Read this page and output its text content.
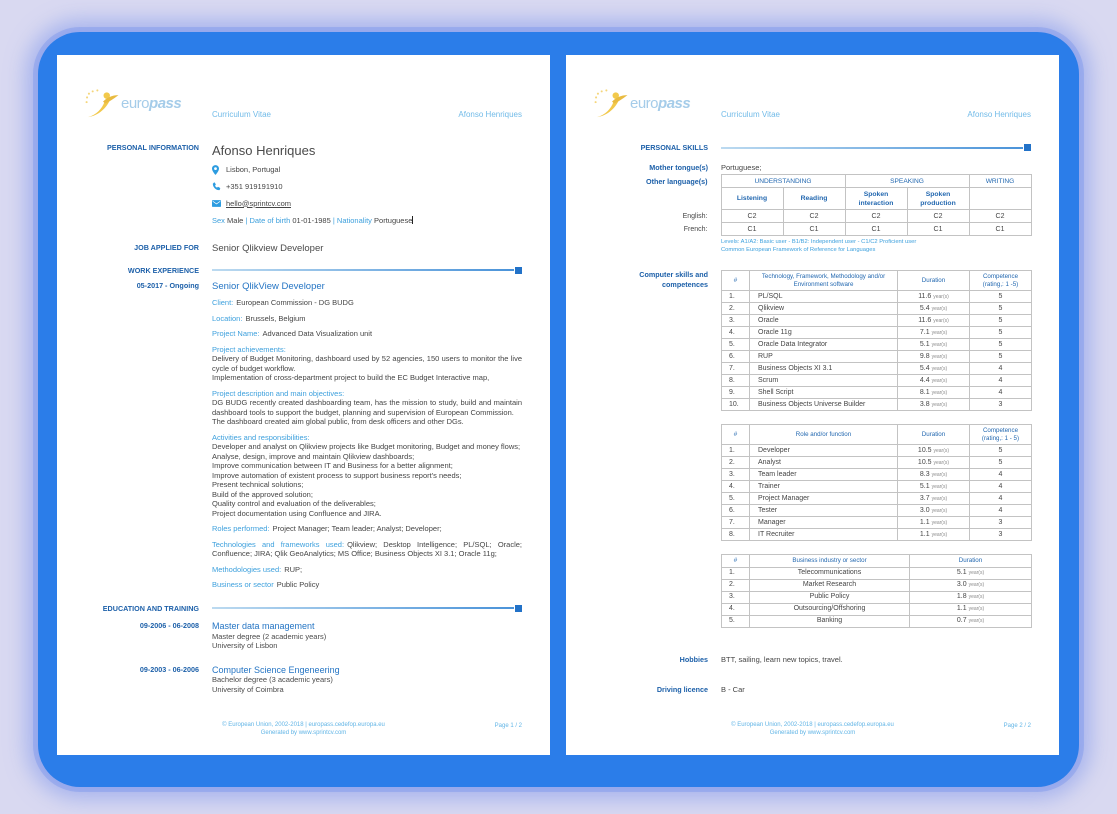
europass
Curriculum Vitae	Afonso Henriques
PERSONAL INFORMATION Afonso Henriques
Lisbon, Portugal
+351 919191910
hello@sprintcv.com
Sex Male | Date of birth 01-01-1985 | Nationality Portuguese
JOB APPLIED FOR Senior Qlikview Developer
WORK EXPERIENCE
05-2017 - Ongoing Senior QlikView Developer
Client: European Commission - DG BUDG
Location: Brussels, Belgium
Project Name: Advanced Data Visualization unit
Project achievements:
Delivery of Budget Monitoring, dashboard used by 52 agencies, 150 users to monitor the live cycle of budget workflow.
Implementation of cross-department project to build the EC Budget Interactive map,
Project description and main objectives:
DG BUDG recently created dashboarding team, has the mission to study, build and maintain dashboard tools to support the budget, planning and supervision of European Commission.
The dashboard created aim global public, from desk officers and other DGs.
Activities and responsibilities:
Developer and analyst on Qlikview projects like Budget monitoring, Budget and money flows;
Analyse, design, improve and maintain Qlikview dashboards;
Improve communication between IT and Business for a better alignment;
Improve automation of existent process to support business report's needs;
Present technical solutions;
Build of the approved solution;
Quality control and evaluation of the deliverables;
Project documentation using Confluence and JIRA.
Roles performed: Project Manager; Team leader; Analyst; Developer;
Technologies and frameworks used: Qlikview; Desktop Intelligence; PL/SQL; Oracle; Confluence; JIRA; Qlik GeoAnalytics; MS Office; Business Objects XI 3.1; Oracle 11g;
Methodologies used: RUP;
Business or sector Public Policy
EDUCATION AND TRAINING
09-2006 - 06-2008 Master data management
Master degree (2 academic years)
University of Lisbon
09-2003 - 06-2006 Computer Science Engeneering
Bachelor degree (3 academic years)
University of Coimbra
© European Union, 2002-2018 | europass.cedefop.europa.eu
Generated by www.sprintcv.com
Page 1 / 2
europass
Curriculum Vitae	Afonso Henriques
PERSONAL SKILLS
Mother tongue(s) Portuguese;
Other language(s)	UNDERSTANDING		SPEAKING		WRITING
	Listening	Reading	Spoken interaction	Spoken production	
English:	C2	C2	C2	C2	C2
French:	C1	C1	C1	C1	C1
Levels: A1/A2: Basic user - B1/B2: Independent user - C1/C2 Proficient user
Common European Framework of Reference for Languages
Computer skills and
competences	#	Technology, Framework, Methodology and/or Environment software	Duration	Competence
(rating,: 1 -5)

1.	PL/SQL	11.6 year(s)	5
2.	Qlikview	5.4 year(s)	5
3.	Oracle	11.6 year(s)	5
4.	Oracle 11g	7.1 year(s)	5
5.	Oracle Data Integrator	5.1 year(s)	5
6.	RUP	9.8 year(s)	5
7.	Business Objects XI 3.1	5.4 year(s)	4
8.	Scrum	4.4 year(s)	4
9.	Shell Script	8.1 year(s)	4
10.	Business Objects Universe Builder	3.8 year(s)	3
#	Role and/or function	Duration	Competence
(rating,: 1 - 5)

1.	Developer	10.5 year(s)	5
2.	Analyst	10.5 year(s)	5
3.	Team leader	8.3 year(s)	4
4.	Trainer	5.1 year(s)	4
5.	Project Manager	3.7 year(s)	4
6.	Tester	3.0 year(s)	4
7.	Manager	1.1 year(s)	3
8.	IT Recruiter	1.1 year(s)	3
#	Business industry or sector	Duration
1.	Telecommunications	5.1 year(s)
2.	Market Research	3.0 year(s)
3.	Public Policy	1.8 year(s)
4.	Outsourcing/Offshoring	1.1 year(s)
5.	Banking	0.7 year(s)
Hobbies BTT, sailing, learn new topics, travel.
Driving licence B - Car
© European Union, 2002-2018 | europass.cedefop.europa.eu
Generated by www.sprintcv.com
Page 2 / 2
